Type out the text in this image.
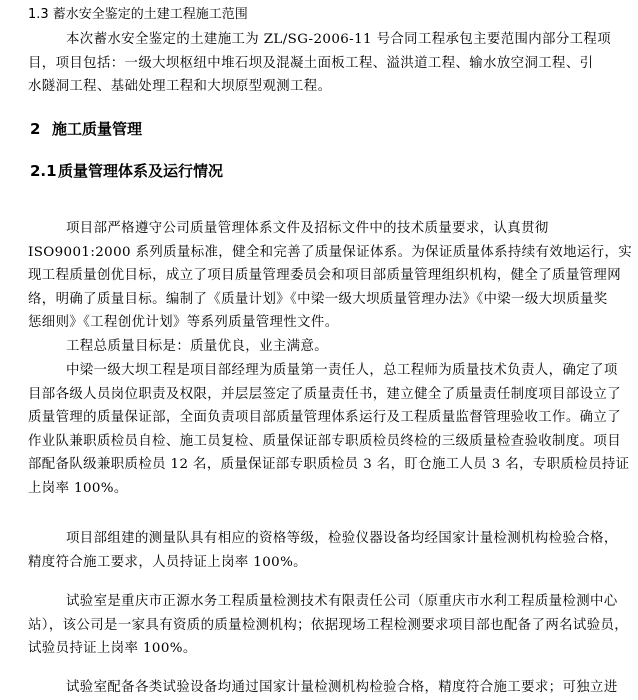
1.3 蓄水安全鉴定的土建工程施工范围
本次蓄水安全鉴定的土建施工为 ZL/SG-2006-11 号合同工程承包主要范围内部分工程项
目，项目包括：一级大坝枢纽中堆石坝及混凝土面板工程、溢洪道工程、输水放空洞工程、引
水隧洞工程、基础处理工程和大坝原型观测工程。
2 施工质量管理
2.1质量管理体系及运行情况
项目部严格遵守公司质量管理体系文件及招标文件中的技术质量要求，认真贯彻
ISO9001:2000 系列质量标准，健全和完善了质量保证体系。为保证质量体系持续有效地运行，实
现工程质量创优目标，成立了项目质量管理委员会和项目部质量管理组织机构，健全了质量管理网
络，明确了质量目标。编制了《质量计划》《中梁一级大坝质量管理办法》《中梁一级大坝质量奖
惩细则》《工程创优计划》等系列质量管理性文件。
工程总质量目标是：质量优良，业主满意。
中梁一级大坝工程是项目部经理为质量第一责任人，总工程师为质量技术负责人，确定了项
目部各级人员岗位职责及权限，并层层签定了质量责任书，建立健全了质量责任制度项目部设立了
质量管理的质量保证部，全面负责项目部质量管理体系运行及工程质量监督管理验收工作。确立了
作业队兼职质检员自检、施工员复检、质量保证部专职质检员终检的三级质量检查验收制度。项目
部配备队级兼职质检员 12 名，质量保证部专职质检员 3 名，盯仓施工人员 3 名，专职质检员持证
上岗率 100%。
项目部组建的测量队具有相应的资格等级，检验仪器设备均经国家计量检测机构检验合格，
精度符合施工要求，人员持证上岗率 100%。
试验室是重庆市正源水务工程质量检测技术有限责任公司（原重庆市水利工程质量检测中心
站），该公司是一家具有资质的质量检测机构；依据现场工程检测要求项目部也配备了两名试验员，
试验员持证上岗率 100%。
试验室配备各类试验设备均通过国家计量检测机构检验合格，精度符合施工要求；可独立进
